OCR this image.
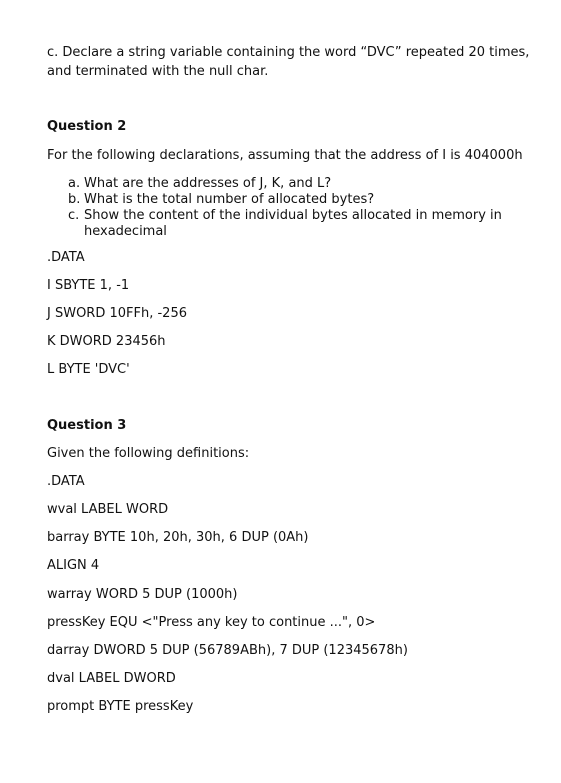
c. Declare a string variable containing the word “DVC” repeated 20 times,
and terminated with the null char.
Question 2
For the following declarations, assuming that the address of I is 404000h
a. What are the addresses of J, K, and L?
b. What is the total number of allocated bytes?
c. Show the content of the individual bytes allocated in memory in
hexadecimal
.DATA
I SBYTE 1, -1
J SWORD 10FFh, -256
K DWORD 23456h
L BYTE 'DVC'
Question 3
Given the following definitions:
.DATA
wval LABEL WORD
barray BYTE 10h, 20h, 30h, 6 DUP (0Ah)
ALIGN 4
warray WORD 5 DUP (1000h)
pressKey EQU <"Press any key to continue ...", 0>
darray DWORD 5 DUP (56789ABh), 7 DUP (12345678h)
dval LABEL DWORD
prompt BYTE pressKey
